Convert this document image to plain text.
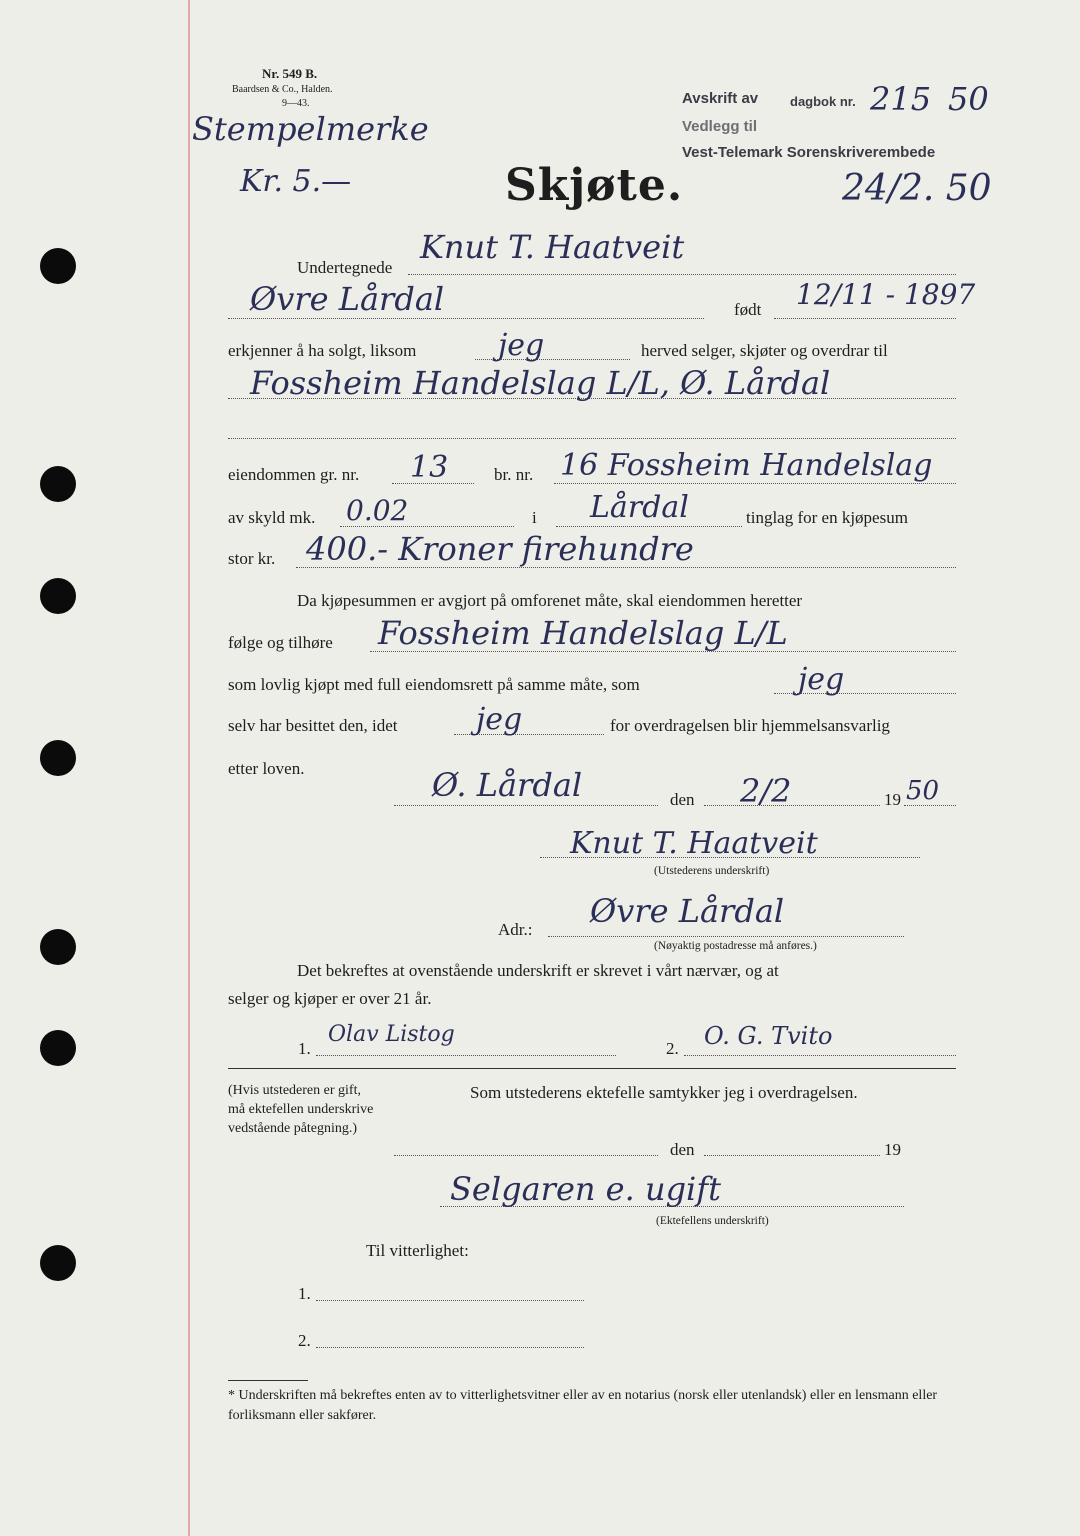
Nr. 549 B.
Baardsen & Co., Halden.
9—43.	Avskrift av dagbok nr. 215 50
Vedlegg til
Vest-Telemark Sorenskriverembede
24/2. 50
Stempelmerke
Kr. 5.—	Skjøte.
Undertegnede
Knut T. Haatveit
Øvre Lårdal	født 12/11 - 1897
erkjenner å ha solgt, liksom	jeg	herved selger, skjøter og overdrar til
Fossheim Handelslag L/L, Ø. Lårdal
eiendommen gr. nr. 13	br. nr. 16 Fossheim Handelslag
av skyld mk. 0.02	i Lårdal	tinglag for en kjøpesum
stor kr. 400.- Kroner firehundre
Da kjøpesummen er avgjort på omforenet måte, skal eiendommen heretter
følge og tilhøre Fossheim Handelslag L/L
som lovlig kjøpt med full eiendomsrett på samme måte, som	jeg
selv har besittet den, idet	jeg	for overdragelsen blir hjemmelsansvarlig
etter loven.	Ø. Lårdal	den 2/2	19 50
Knut T. Haatveit
(Utstederens underskrift)
Adr.: Øvre Lårdal
(Nøyaktig postadresse må anføres.)
Det bekreftes at ovenstående underskrift er skrevet i vårt nærvær, og at
selger og kjøper er over 21 år.
1.
Olav Listog
2. O. G. Tvito
(Hvis utstederen er gift,
må ektefellen underskrive
vedstående påtegning.)
Som utstederens ektefelle samtykker jeg i overdragelsen.
den	19
Selgaren e. ugift
(Ektefellens underskrift)
Til vitterlighet:
1.
2.
* Underskriften må bekreftes enten av to vitterlighetsvitner eller av en notarius (norsk eller utenlandsk) eller en lensmann eller forliksmann eller sakfører.
